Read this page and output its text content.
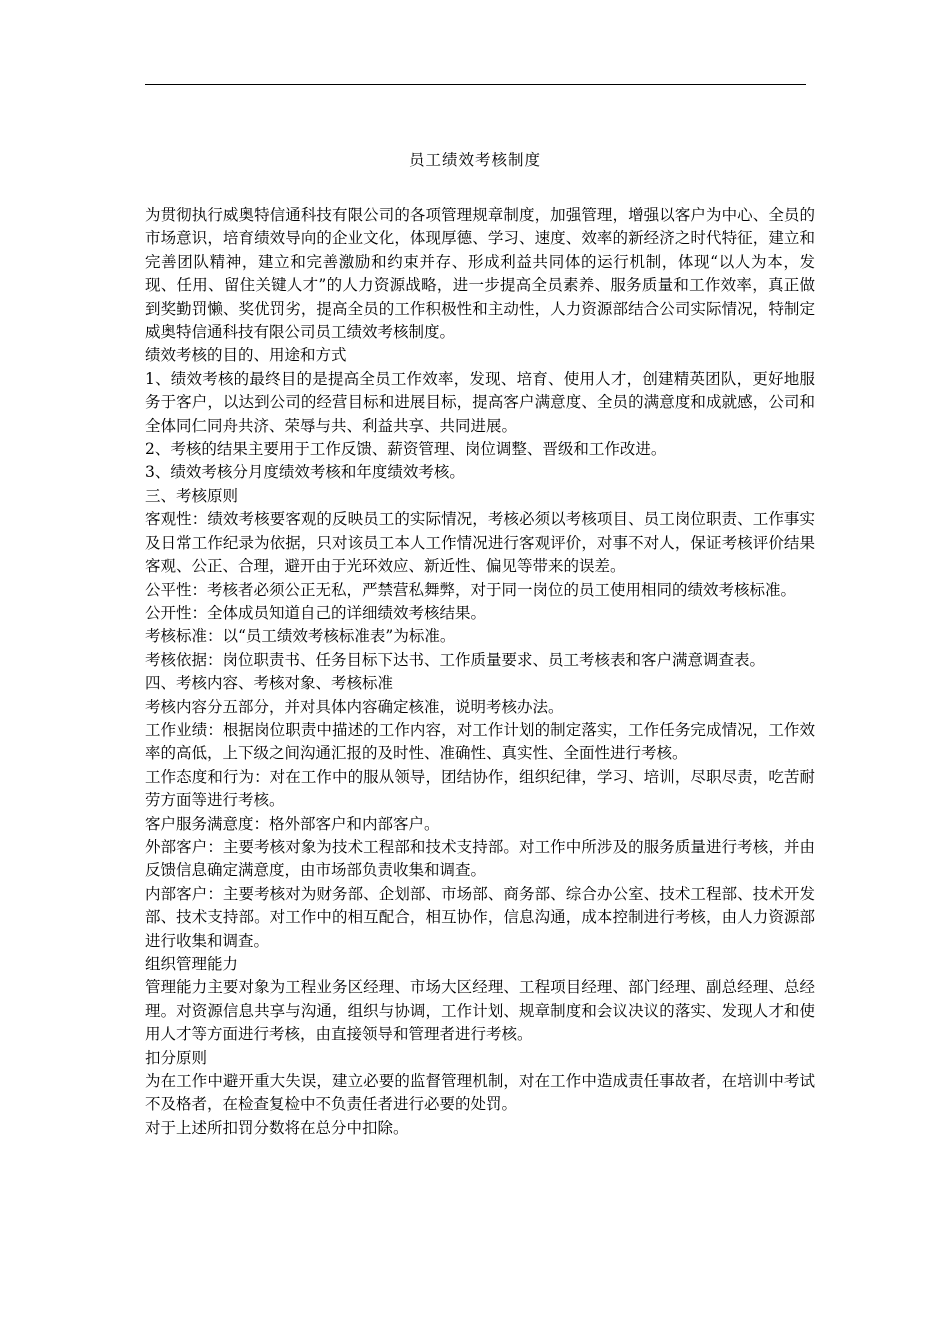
员工绩效考核制度

为贯彻执行威奥特信通科技有限公司的各项管理规章制度，加强管理，增强以客户为中心、全员的市场意识，培育绩效导向的企业文化，体现厚德、学习、速度、效率的新经济之时代特征，建立和完善团队精神，建立和完善激励和约束并存、形成利益共同体的运行机制，体现“以人为本，发现、任用、留住关键人才”的人力资源战略，进一步提高全员素养、服务质量和工作效率，真正做到奖勤罚懒、奖优罚劣，提高全员的工作积极性和主动性，人力资源部结合公司实际情况，特制定威奥特信通科技有限公司员工绩效考核制度。

绩效考核的目的、用途和方式

1、绩效考核的最终目的是提高全员工作效率，发现、培育、使用人才，创建精英团队，更好地服务于客户，以达到公司的经营目标和进展目标，提高客户满意度、全员的满意度和成就感，公司和全体同仁同舟共济、荣辱与共、利益共享、共同进展。

2、考核的结果主要用于工作反馈、薪资管理、岗位调整、晋级和工作改进。

3、绩效考核分月度绩效考核和年度绩效考核。

三、考核原则

客观性：绩效考核要客观的反映员工的实际情况，考核必须以考核项目、员工岗位职责、工作事实及日常工作纪录为依据，只对该员工本人工作情况进行客观评价，对事不对人，保证考核评价结果客观、公正、合理，避开由于光环效应、新近性、偏见等带来的误差。

公平性：考核者必须公正无私，严禁营私舞弊，对于同一岗位的员工使用相同的绩效考核标准。

公开性：全体成员知道自己的详细绩效考核结果。

考核标准：以“员工绩效考核标准表”为标准。

考核依据：岗位职责书、任务目标下达书、工作质量要求、员工考核表和客户满意调查表。

四、考核内容、考核对象、考核标准

考核内容分五部分，并对具体内容确定核准，说明考核办法。

工作业绩：根据岗位职责中描述的工作内容，对工作计划的制定落实，工作任务完成情况，工作效率的高低，上下级之间沟通汇报的及时性、准确性、真实性、全面性进行考核。

工作态度和行为：对在工作中的服从领导，团结协作，组织纪律，学习、培训，尽职尽责，吃苦耐劳方面等进行考核。

客户服务满意度：格外部客户和内部客户。

外部客户：主要考核对象为技术工程部和技术支持部。对工作中所涉及的服务质量进行考核，并由反馈信息确定满意度，由市场部负责收集和调查。

内部客户：主要考核对为财务部、企划部、市场部、商务部、综合办公室、技术工程部、技术开发部、技术支持部。对工作中的相互配合，相互协作，信息沟通，成本控制进行考核，由人力资源部进行收集和调查。

组织管理能力

管理能力主要对象为工程业务区经理、市场大区经理、工程项目经理、部门经理、副总经理、总经理。对资源信息共享与沟通，组织与协调，工作计划、规章制度和会议决议的落实、发现人才和使用人才等方面进行考核，由直接领导和管理者进行考核。

扣分原则

为在工作中避开重大失误，建立必要的监督管理机制，对在工作中造成责任事故者，在培训中考试不及格者，在检查复检中不负责任者进行必要的处罚。

对于上述所扣罚分数将在总分中扣除。
